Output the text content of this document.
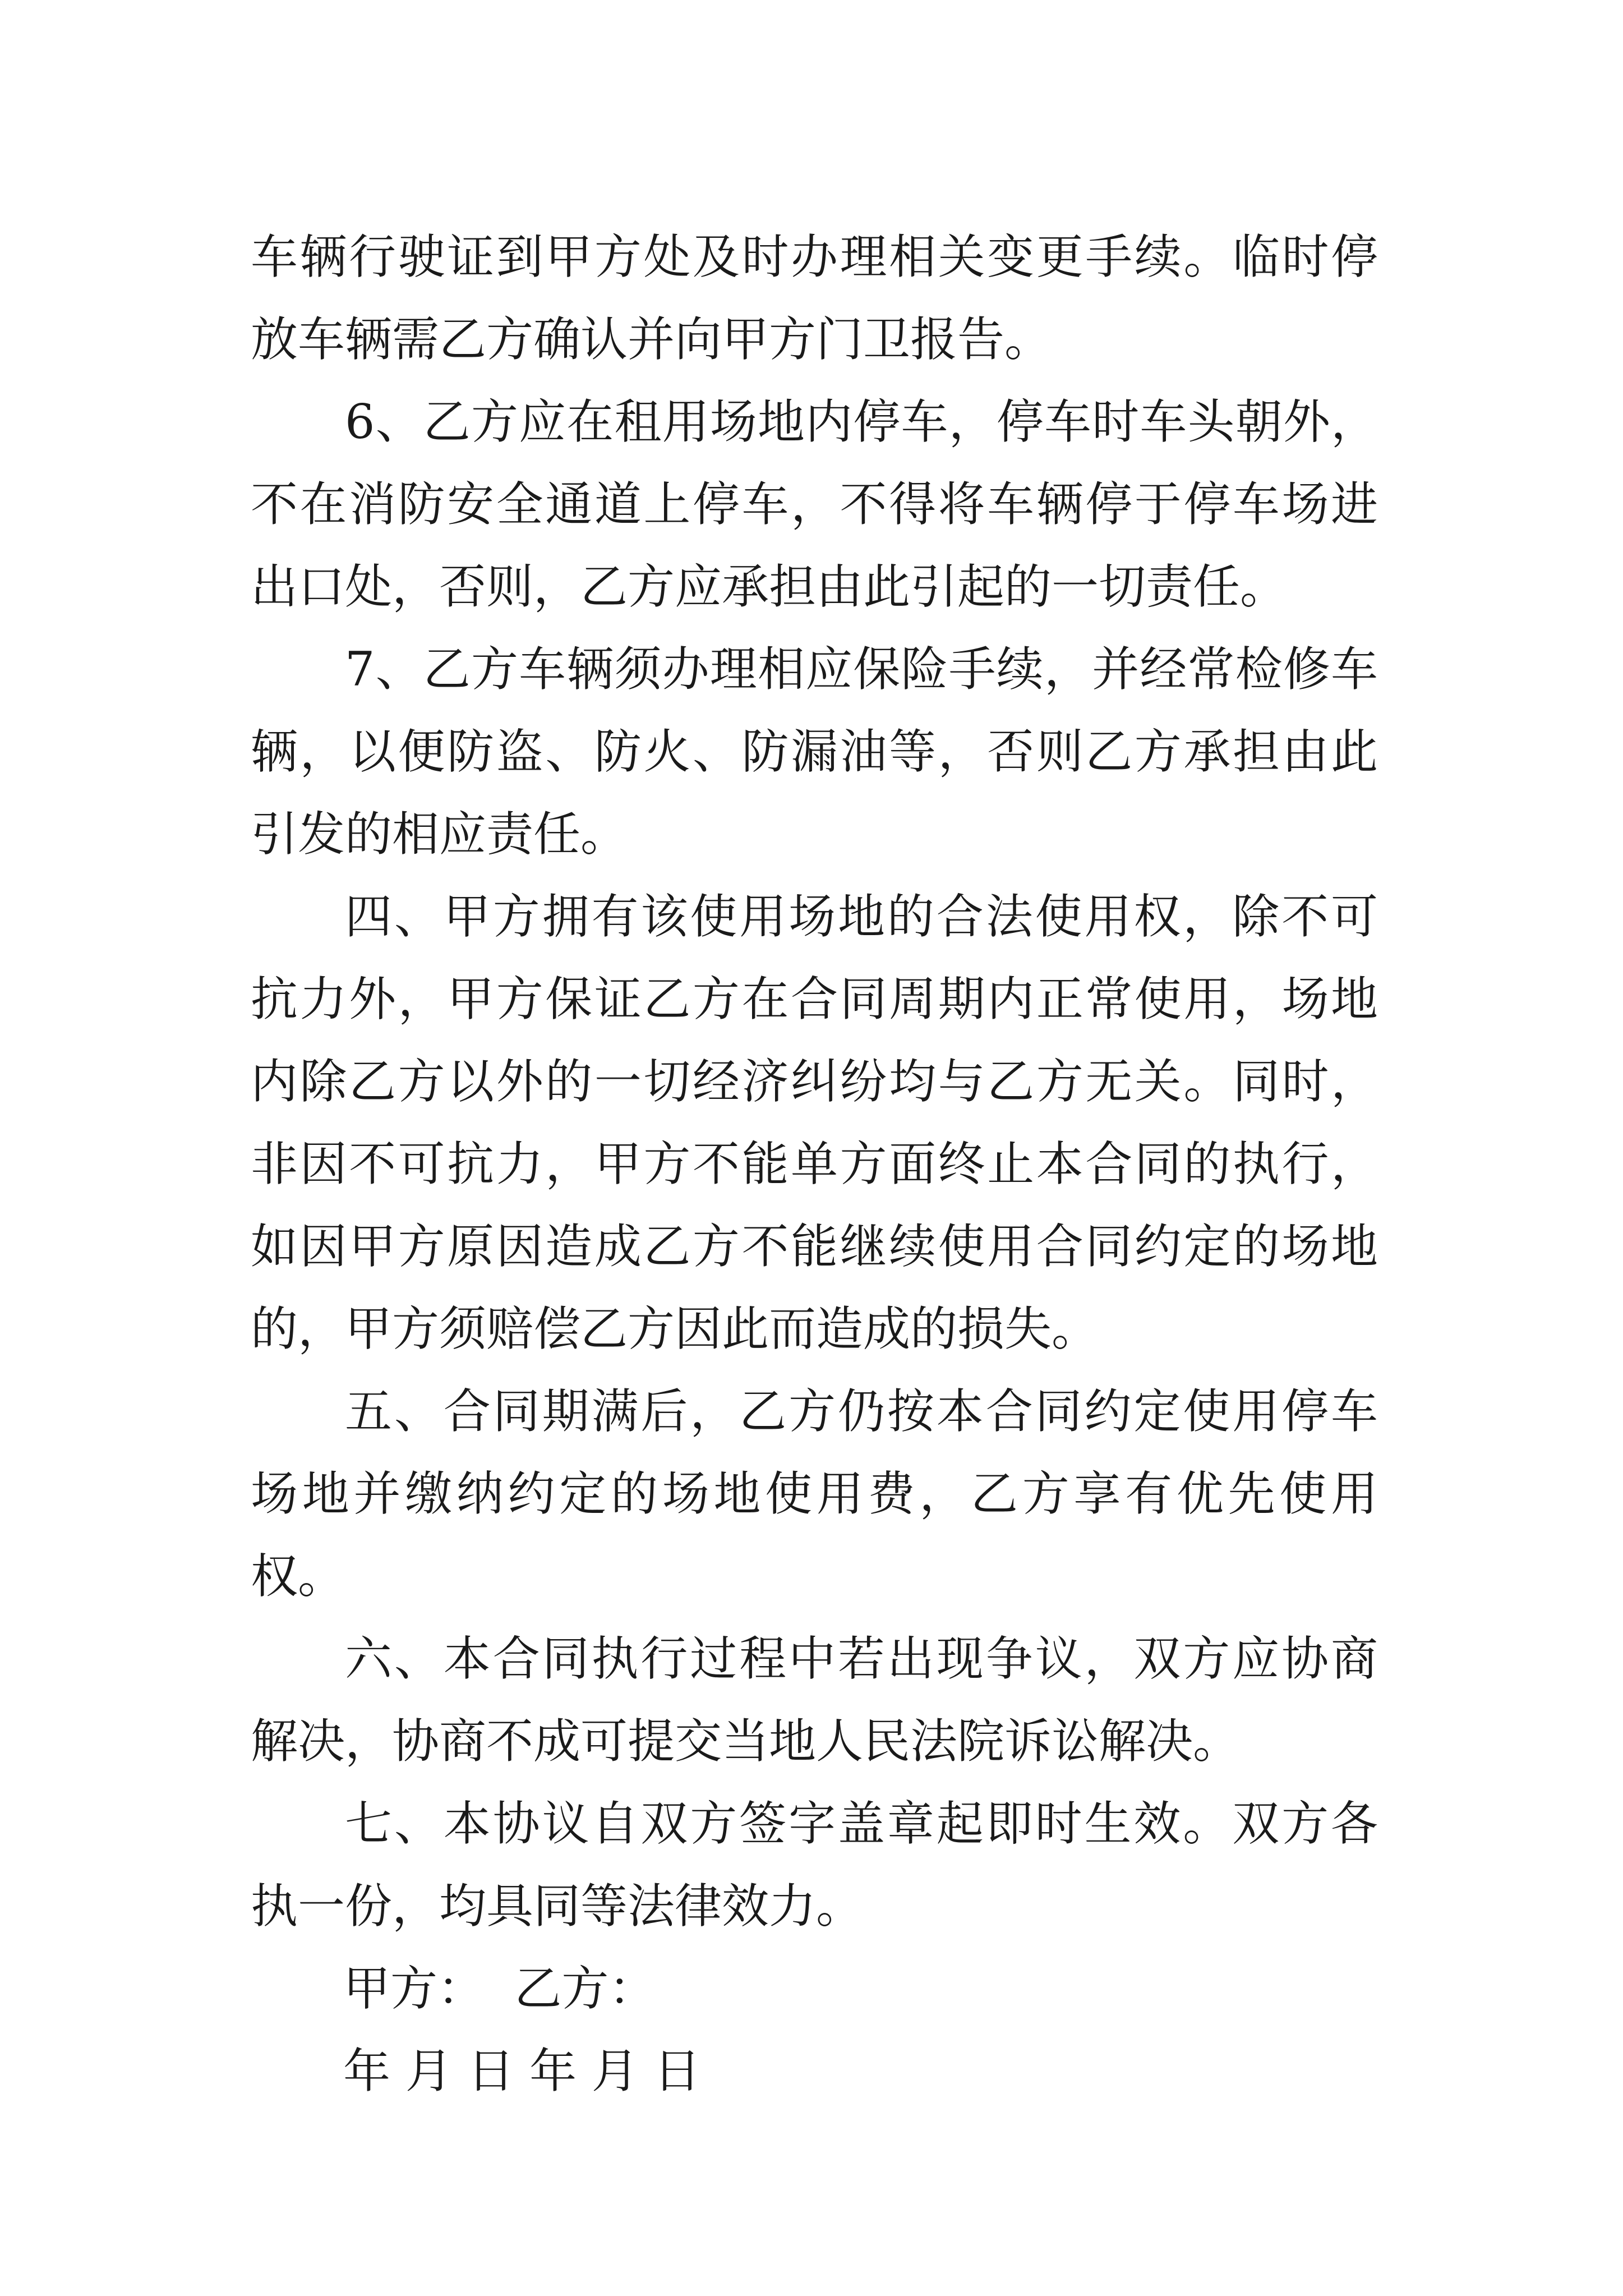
车辆行驶证到甲方处及时办理相关变更手续。临时停放车辆需乙方确认并向甲方门卫报告。

6、乙方应在租用场地内停车，停车时车头朝外，不在消防安全通道上停车，不得将车辆停于停车场进出口处，否则，乙方应承担由此引起的一切责任。

7、乙方车辆须办理相应保险手续，并经常检修车辆，以便防盗、防火、防漏油等，否则乙方承担由此引发的相应责任。

四、甲方拥有该使用场地的合法使用权，除不可抗力外，甲方保证乙方在合同周期内正常使用，场地内除乙方以外的一切经济纠纷均与乙方无关。同时，非因不可抗力，甲方不能单方面终止本合同的执行，如因甲方原因造成乙方不能继续使用合同约定的场地的，甲方须赔偿乙方因此而造成的损失。

五、合同期满后，乙方仍按本合同约定使用停车场地并缴纳约定的场地使用费，乙方享有优先使用权。

六、本合同执行过程中若出现争议，双方应协商解决，协商不成可提交当地人民法院诉讼解决。

七、本协议自双方签字盖章起即时生效。双方各执一份，均具同等法律效力。

甲方：  乙方：
年 月 日 年 月 日
